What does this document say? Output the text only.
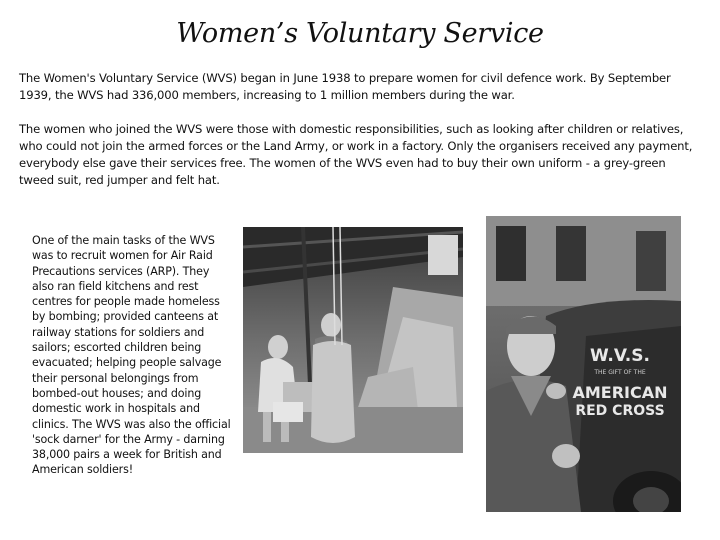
Women’s Voluntary Service

The Women's Voluntary Service (WVS) began in June 1938 to prepare women for civil defence work. By September 1939, the WVS had 336,000 members, increasing to 1 million members during the war.

The women who joined the WVS were those with domestic responsibilities, such as looking after children or relatives, who could not join the armed forces or the Land Army, or work in a factory. Only the organisers received any payment, everybody else gave their services free. The women of the WVS even had to buy their own uniform - a grey-green tweed suit, red jumper and felt hat.

One of the main tasks of the WVS was to recruit women for Air Raid Precautions services (ARP). They also ran field kitchens and rest centres for people made homeless by bombing; provided canteens at railway stations for soldiers and sailors; escorted children being evacuated; helping people salvage their personal belongings from bombed-out houses; and doing domestic work in hospitals and clinics. The WVS was also the official 'sock darner' for the Army - darning 38,000 pairs a week for British and American soldiers!

W.V.S.
THE GIFT OF THE
AMERICAN
RED CROSS
